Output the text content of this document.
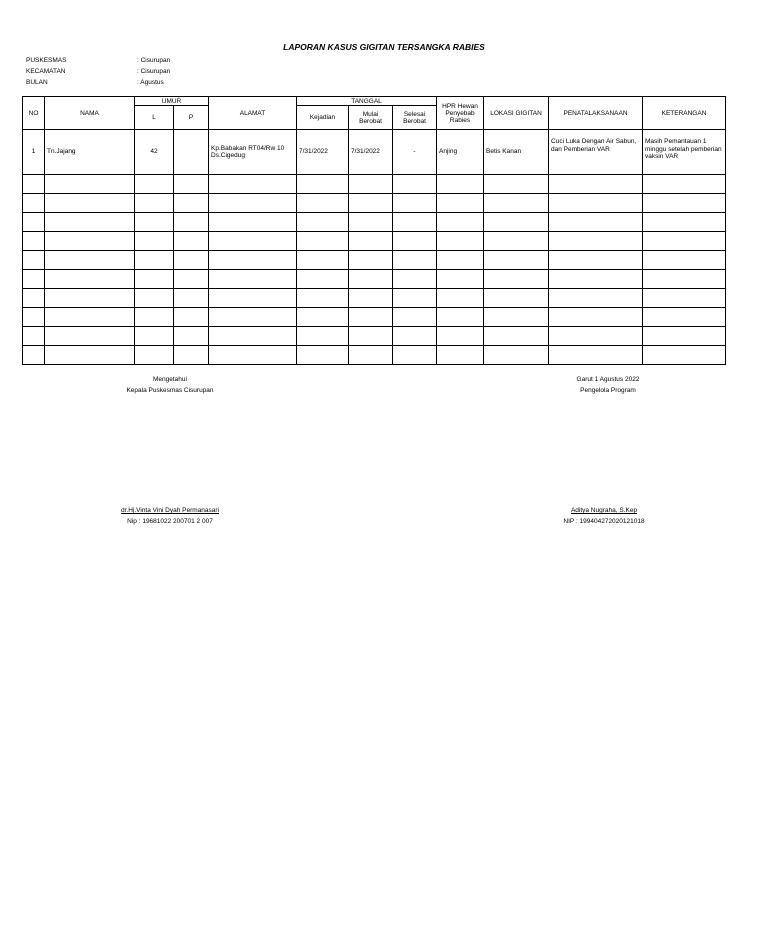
LAPORAN KASUS GIGITAN TERSANGKA RABIES
PUSKESMAS	: Cisurupan
KECAMATAN	: Cisurupan
BULAN	: Agustus
NO	NAMA	UMUR		ALAMAT	TANGGAL			HPR Hewan Penyebab Rabies	LOKASI GIGITAN	PENATALAKSANAAN	KETERANGAN
		L	P		Kejadian	Mulai Berobat	Selesai Berobat				
1	Tn.Jajang	42		Kp.Babakan RT04/Rw 10 Ds.Cigedug	7/31/2022	7/31/2022	-	Anjing	Betis Kanan	Cuci Luka Dengan Air Sabun, dan Pemberian VAR	Masih Pemantauan 1 minggu setelah pemberian vaksin VAR

Mengetahui
Kepala Puskesmas Cisurupan
Garut 1 Agustus 2022
Pengelola Program
dr.Hj.Vinta Vini Dyah Permanasari
Nip : 19681022 200701 2 007
Aditya Nugraha, S.Kep
NIP : 199404272020121018
